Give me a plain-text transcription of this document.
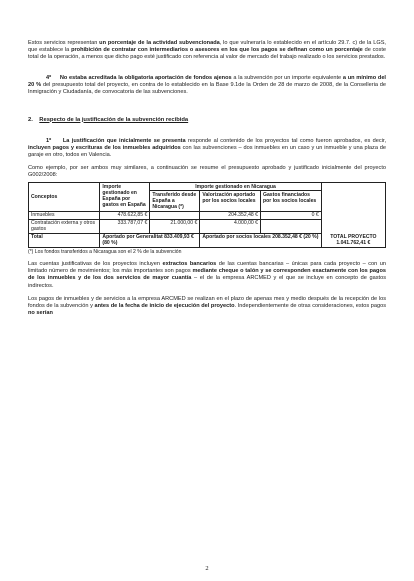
Estos servicios representan un porcentaje de la actividad subvencionada, lo que vulneraría lo establecido en el artículo 29.7. c) de la LGS, que establece la prohibición de contratar con intermediarios o asesores en los que los pagos se definan como un porcentaje de coste total de la operación, a menos que dicho pago esté justificado con referencia al valor de mercado del trabajo realizado o los servicios prestados.

4º No estaba acreditada la obligatoria aportación de fondos ajenos a la subvención por un importe equivalente a un mínimo del 20 % del presupuesto total del proyecto, en contra de lo establecido en la Base 9.1de la Orden de 28 de marzo de 2008, de la Conselleria de Inmigración y Ciudadanía, de convocatoria de las subvenciones.

2. Respecto de la justificación de la subvención recibida

1º La justificación que inicialmente se presenta responde al contenido de los proyectos tal como fueron aprobados, es decir, incluyen pagos y escrituras de los inmuebles adquiridos con las subvenciones – dos inmuebles en un caso y un inmueble y una plaza de garaje en otro, todos en Valencia.

Como ejemplo, por ser ambos muy similares, a continuación se resume el presupuesto aprobado y justificado inicialmente del proyecto G002/2008:

Conceptos	Importe gestionado en España por gastos en España	Importe gestionado en Nicaragua			
		Transferido desde España a Nicaragua (*)	Valorización aportado por los socios locales	Gastos financiados por los socios locales	
Inmuebles	478.622,85 €		204.352,48 €	0 €	
Contratación externa y otros gastos	333.787,07 €	21.000,00 €	4.000,00 €		
Total	Aportado por Generalitat 833.409,93 € (80 %)		Aportado por socios locales 208.352,48 € (20 %)		TOTAL PROYECTO
1.041.762,41 €

(*) Los fondos transferidos a Nicaragua son el 2 % de la subvención

Las cuentas justificativas de los proyectos incluyen extractos bancarios de las cuentas bancarias – únicas para cada proyecto – con un limitado número de movimientos; los más importantes son pagos mediante cheque o talón y se corresponden exactamente con los pagos de los inmuebles y de los dos servicios de mayor cuantía – el de la empresa ARCMED y el que se incluye en concepto de gastos indirectos.

Los pagos de inmuebles y de servicios a la empresa ARCMED se realizan en el plazo de apenas mes y medio después de la recepción de los fondos de la subvención y antes de la fecha de inicio de ejecución del proyecto. Independientemente de otras consideraciones, estos pagos no serían

2
